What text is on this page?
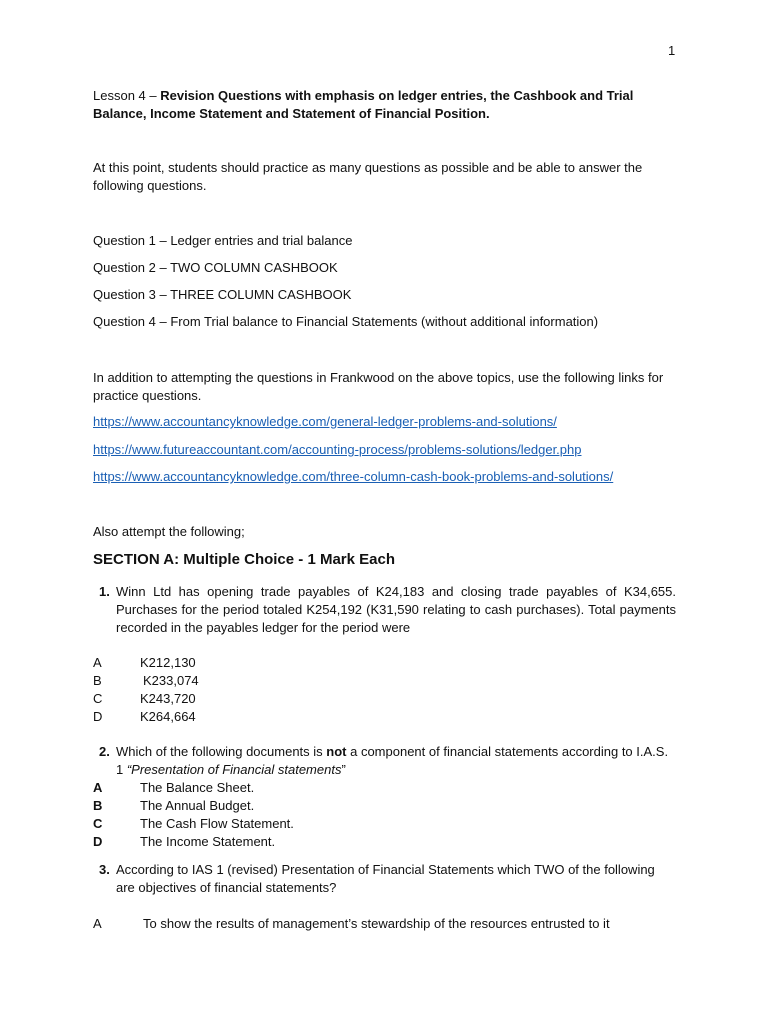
1

Lesson 4 – Revision Questions with emphasis on ledger entries, the Cashbook and Trial Balance, Income Statement and Statement of Financial Position.

At this point, students should practice as many questions as possible and be able to answer the following questions.

Question 1 – Ledger entries and trial balance

Question 2 – TWO COLUMN CASHBOOK

Question 3 – THREE COLUMN CASHBOOK

Question 4 – From Trial balance to Financial Statements (without additional information)

In addition to attempting the questions in Frankwood on the above topics, use the following links for practice questions.

https://www.accountancyknowledge.com/general-ledger-problems-and-solutions/
https://www.futureaccountant.com/accounting-process/problems-solutions/ledger.php
https://www.accountancyknowledge.com/three-column-cash-book-problems-and-solutions/

Also attempt the following;

SECTION A: Multiple Choice - 1 Mark Each

1. Winn Ltd has opening trade payables of K24,183 and closing trade payables of K34,655. Purchases for the period totaled K254,192 (K31,590 relating to cash purchases). Total payments recorded in the payables ledger for the period were

A	K212,130

B	K233,074

C	K243,720

D	K264,664

2. Which of the following documents is not a component of financial statements according to I.A.S. 1 “Presentation of Financial statements”

A	The Balance Sheet.

B	The Annual Budget.

C	The Cash Flow Statement.

D	The Income Statement.

3. According to IAS 1 (revised) Presentation of Financial Statements which TWO of the following are objectives of financial statements?

A	To show the results of management’s stewardship of the resources entrusted to it
